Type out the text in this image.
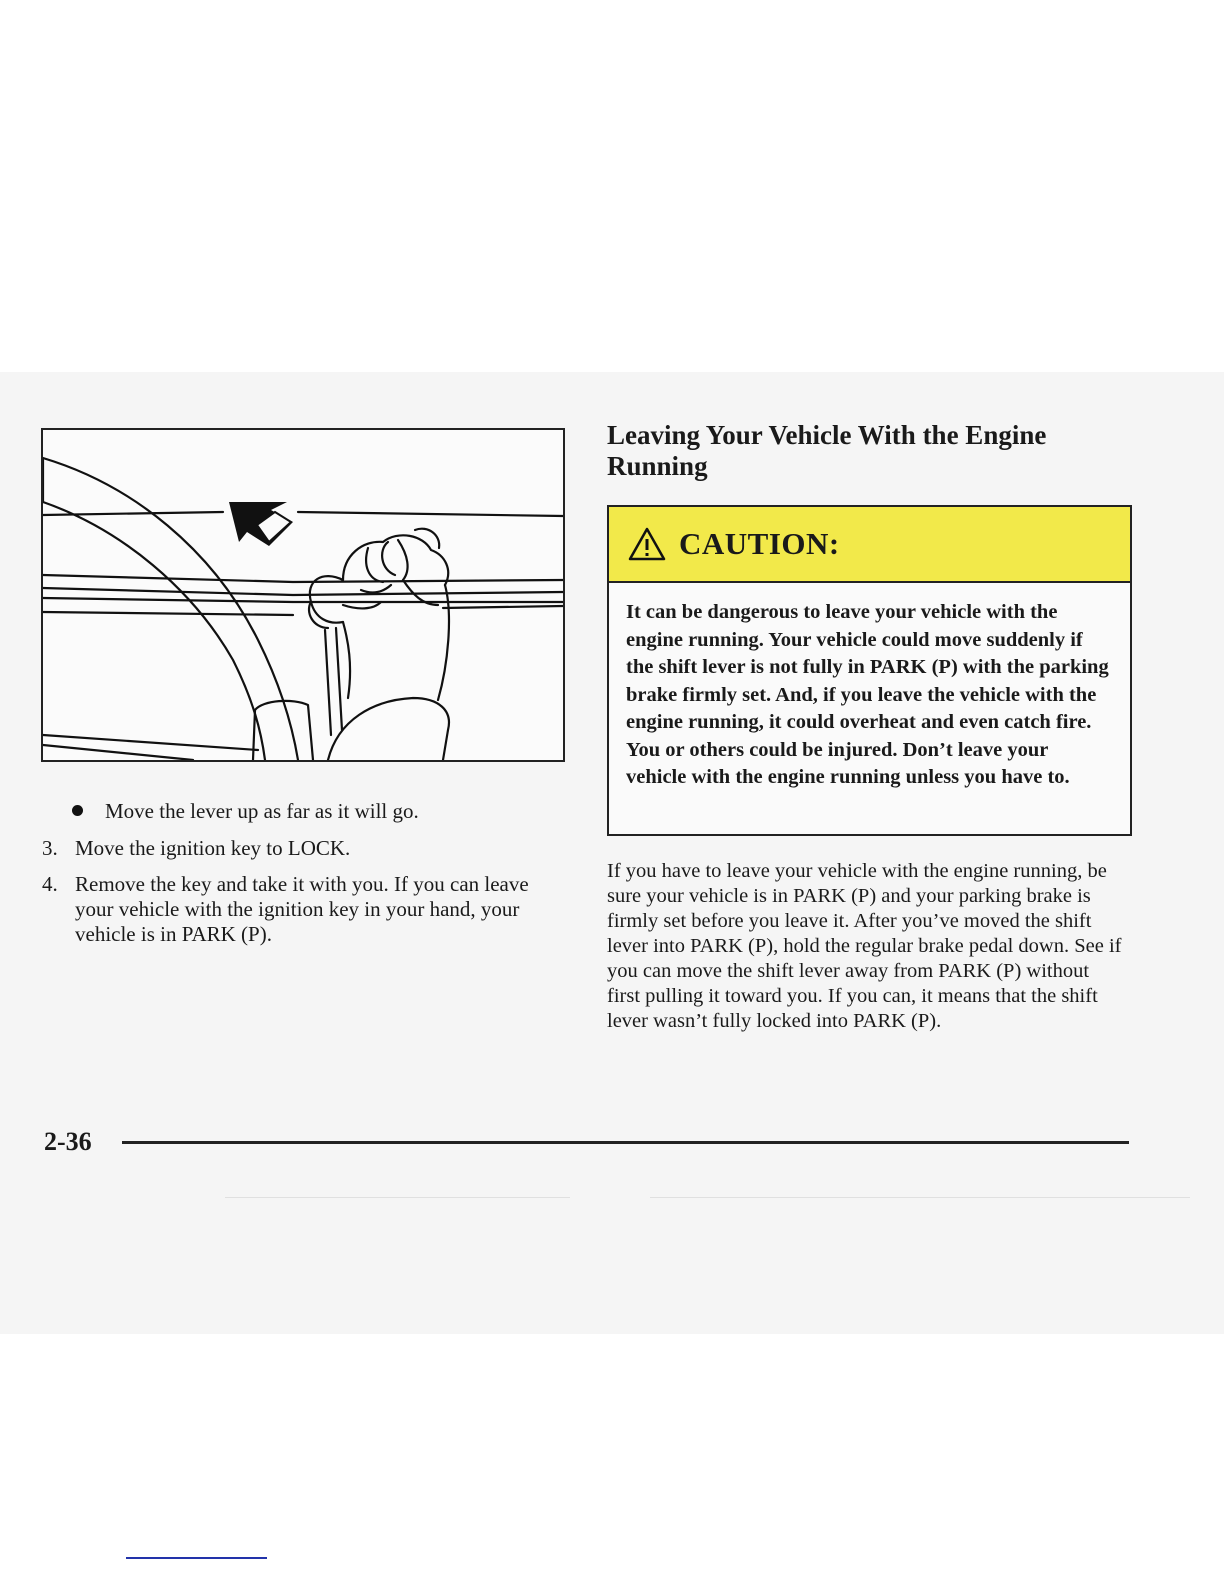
Move the lever up as far as it will go.
3. Move the ignition key to LOCK.
4. Remove the key and take it with you. If you can leave your vehicle with the ignition key in your hand, your vehicle is in PARK (P).
Leaving Your Vehicle With the Engine Running
CAUTION:
It can be dangerous to leave your vehicle with the engine running. Your vehicle could move suddenly if the shift lever is not fully in PARK (P) with the parking brake firmly set. And, if you leave the vehicle with the engine running, it could overheat and even catch fire. You or others could be injured. Don’t leave your vehicle with the engine running unless you have to.
If you have to leave your vehicle with the engine running, be sure your vehicle is in PARK (P) and your parking brake is firmly set before you leave it. After you’ve moved the shift lever into PARK (P), hold the regular brake pedal down. See if you can move the shift lever away from PARK (P) without first pulling it toward you. If you can, it means that the shift lever wasn’t fully locked into PARK (P).
2-36
